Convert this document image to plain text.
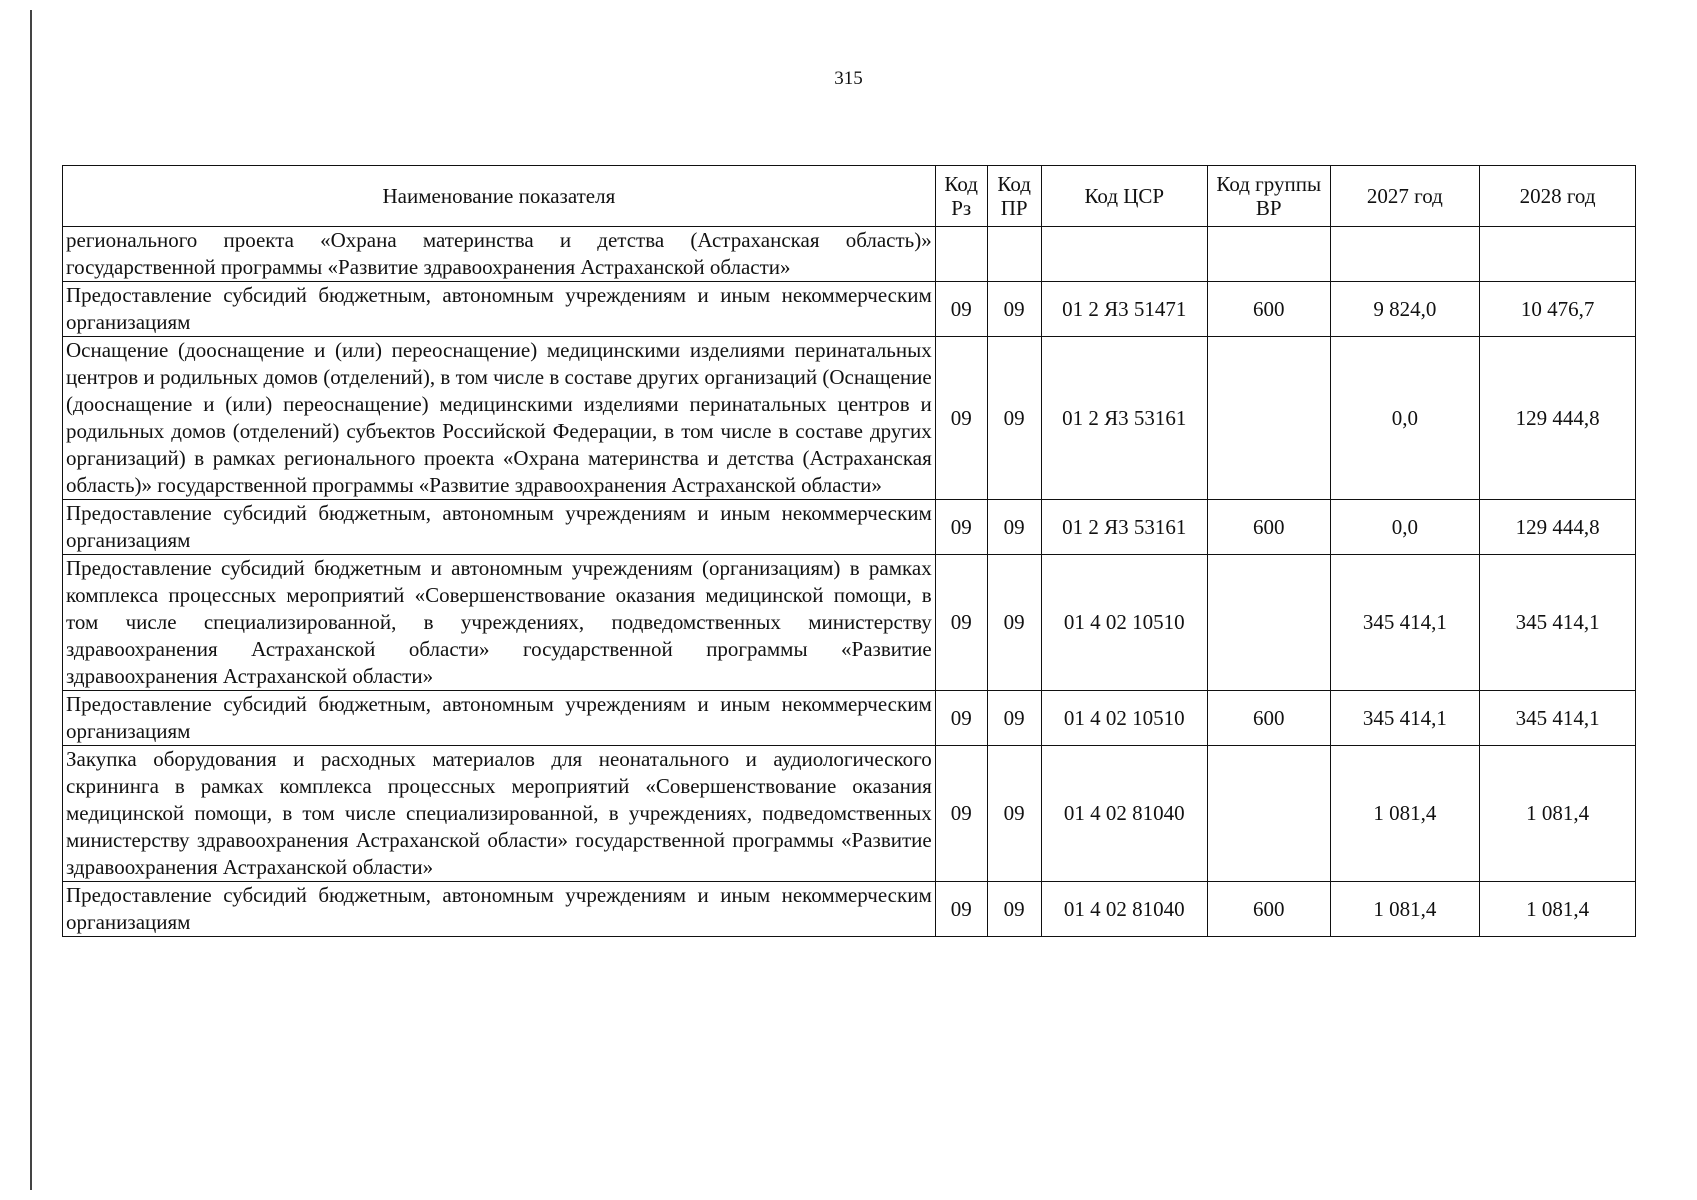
315
Наименование показателя	Код Рз	Код ПР	Код ЦСР	Код группы ВР	2027 год	2028 год
регионального проекта «Охрана материнства и детства (Астраханская область)» государственной программы «Развитие здравоохранения Астраханской области»						
Предоставление субсидий бюджетным, автономным учреждениям и иным некоммерческим организациям	09	09	01 2 Я3 51471	600	9 824,0	10 476,7
Оснащение (дооснащение и (или) переоснащение) медицинскими изделиями перинатальных центров и родильных домов (отделений), в том числе в составе других организаций (Оснащение (дооснащение и (или) переоснащение) медицинскими изделиями перинатальных центров и родильных домов (отделений) субъектов Российской Федерации, в том числе в составе других организаций) в рамках регионального проекта «Охрана материнства и детства (Астраханская область)» государственной программы «Развитие здравоохранения Астраханской области»	09	09	01 2 Я3 53161		0,0	129 444,8
Предоставление субсидий бюджетным, автономным учреждениям и иным некоммерческим организациям	09	09	01 2 Я3 53161	600	0,0	129 444,8
Предоставление субсидий бюджетным и автономным учреждениям (организациям) в рамках комплекса процессных мероприятий «Совершенствование оказания медицинской помощи, в том числе специализированной, в учреждениях, подведомственных министерству здравоохранения Астраханской области» государственной программы «Развитие здравоохранения Астраханской области»	09	09	01 4 02 10510		345 414,1	345 414,1
Предоставление субсидий бюджетным, автономным учреждениям и иным некоммерческим организациям	09	09	01 4 02 10510	600	345 414,1	345 414,1
Закупка оборудования и расходных материалов для неонатального и аудиологического скрининга в рамках комплекса процессных мероприятий «Совершенствование оказания медицинской помощи, в том числе специализированной, в учреждениях, подведомственных министерству здравоохранения Астраханской области» государственной программы «Развитие здравоохранения Астраханской области»	09	09	01 4 02 81040		1 081,4	1 081,4
Предоставление субсидий бюджетным, автономным учреждениям и иным некоммерческим организациям	09	09	01 4 02 81040	600	1 081,4	1 081,4
